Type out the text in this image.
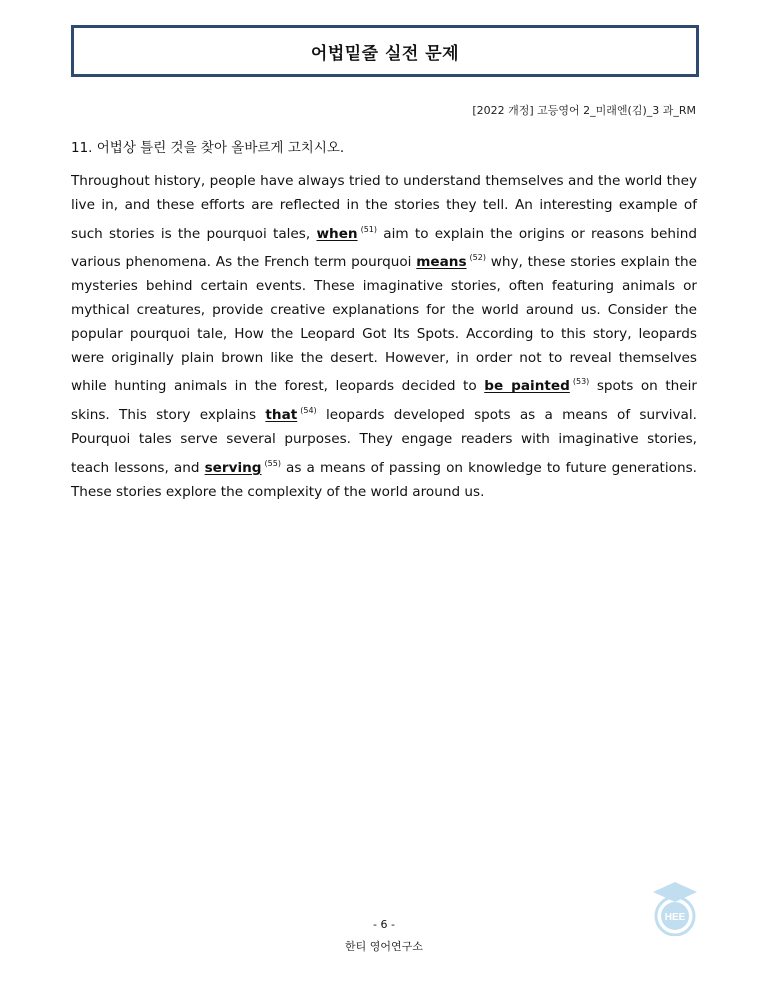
어법밑줄 실전 문제
[2022 개정] 고등영어 2_미래엔(김)_3 과_RM
11. 어법상 틀린 것을 찾아 올바르게 고치시오.

Throughout history, people have always tried to understand themselves and the world they live in, and these efforts are reflected in the stories they tell. An interesting example of such stories is the pourquoi tales, when $^{(51)}$ aim to explain the origins or reasons behind various phenomena. As the French term pourquoi means $^{(52)}$ why, these stories explain the mysteries behind certain events. These imaginative stories, often featuring animals or mythical creatures, provide creative explanations for the world around us. Consider the popular pourquoi tale, How the Leopard Got Its Spots. According to this story, leopards were originally plain brown like the desert. However, in order not to reveal themselves while hunting animals in the forest, leopards decided to be painted $^{(53)}$ spots on their skins. This story explains that $^{(54)}$ leopards developed spots as a means of survival. Pourquoi tales serve several purposes. They engage readers with imaginative stories, teach lessons, and serving $^{(55)}$ as a means of passing on knowledge to future generations. These stories explore the complexity of the world around us.

HEE
- 6 -
한티 영어연구소
